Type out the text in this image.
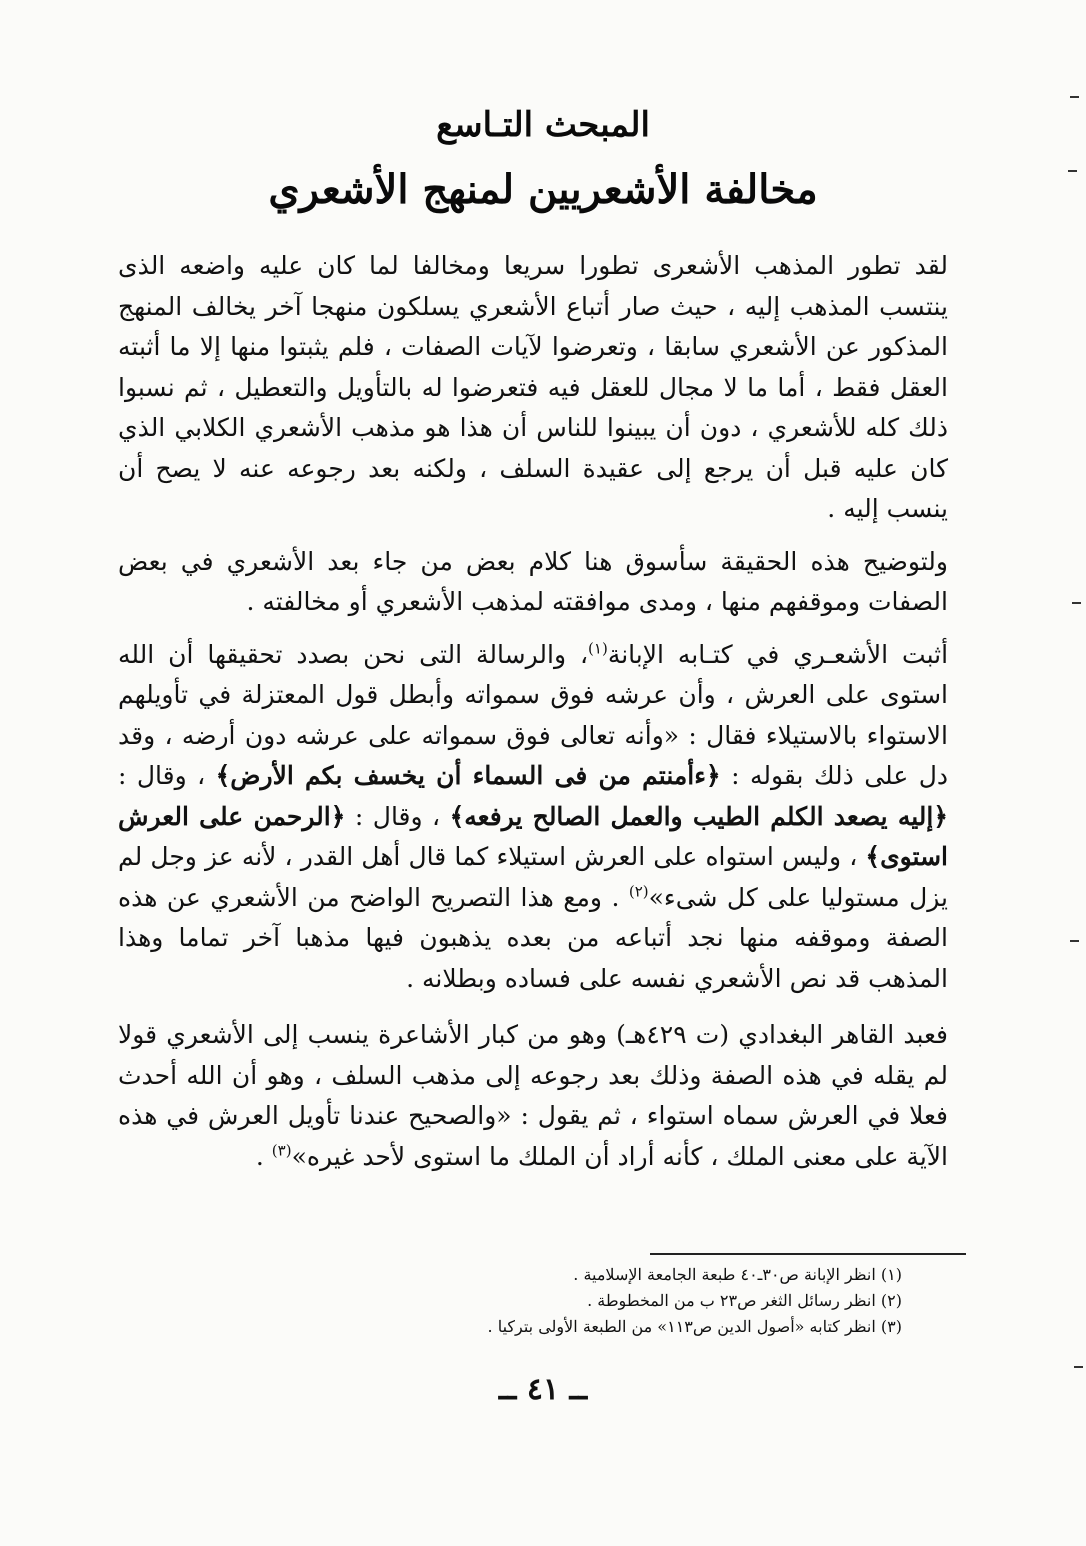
المبحث التـاسع
مخالفة الأشعريين لمنهج الأشعري

لقد تطور المذهب الأشعرى تطورا سريعا ومخالفا لما كان عليه واضعه الذى ينتسب المذهب إليه ، حيث صار أتباع الأشعري يسلكون منهجا آخر يخالف المنهج المذكور عن الأشعري سابقا ، وتعرضوا لآيات الصفات ، فلم يثبتوا منها إلا ما أثبته العقل فقط ، أما ما لا مجال للعقل فيه فتعرضوا له بالتأويل والتعطيل ، ثم نسبوا ذلك كله للأشعري ، دون أن يبينوا للناس أن هذا هو مذهب الأشعري الكلابي الذي كان عليه قبل أن يرجع إلى عقيدة السلف ، ولكنه بعد رجوعه عنه لا يصح أن ينسب إليه .

ولتوضيح هذه الحقيقة سأسوق هنا كلام بعض من جاء بعد الأشعري في بعض الصفات وموقفهم منها ، ومدى موافقته لمذهب الأشعري أو مخالفته .

أثبت الأشعـري في كتـابه الإبانة$^{(١)}$، والرسالة التى نحن بصدد تحقيقها أن الله استوى على العرش ، وأن عرشه فوق سمواته وأبطل قول المعتزلة في تأويلهم الاستواء بالاستيلاء فقال : «وأنه تعالى فوق سمواته على عرشه دون أرضه ، وقد دل على ذلك بقوله : ﴿ءأمنتم من فى السماء أن يخسف بكم الأرض﴾ ، وقال : ﴿إليه يصعد الكلم الطيب والعمل الصالح يرفعه﴾ ، وقال : ﴿الرحمن على العرش استوى﴾ ، وليس استواه على العرش استيلاء كما قال أهل القدر ، لأنه عز وجل لم يزل مستوليا على كل شىء»$^{(٢)}$ . ومع هذا التصريح الواضح من الأشعري عن هذه الصفة وموقفه منها نجد أتباعه من بعده يذهبون فيها مذهبا آخر تماما وهذا المذهب قد نص الأشعري نفسه على فساده وبطلانه .

فعبد القاهر البغدادي (ت ٤٢٩هـ) وهو من كبار الأشاعرة ينسب إلى الأشعري قولا لم يقله في هذه الصفة وذلك بعد رجوعه إلى مذهب السلف ، وهو أن الله أحدث فعلا في العرش سماه استواء ، ثم يقول : «والصحيح عندنا تأويل العرش في هذه الآية على معنى الملك ، كأنه أراد أن الملك ما استوى لأحد غيره»$^{(٣)}$ .

(١) انظر الإبانة ص٣٠ـ٤٠ طبعة الجامعة الإسلامية .

(٢) انظر رسائل الثغر ص٢٣ ب من المخطوطة .

(٣) انظر كتابه «أصول الدين ص١١٣» من الطبعة الأولى بتركيا .

ــ ٤١ ــ
